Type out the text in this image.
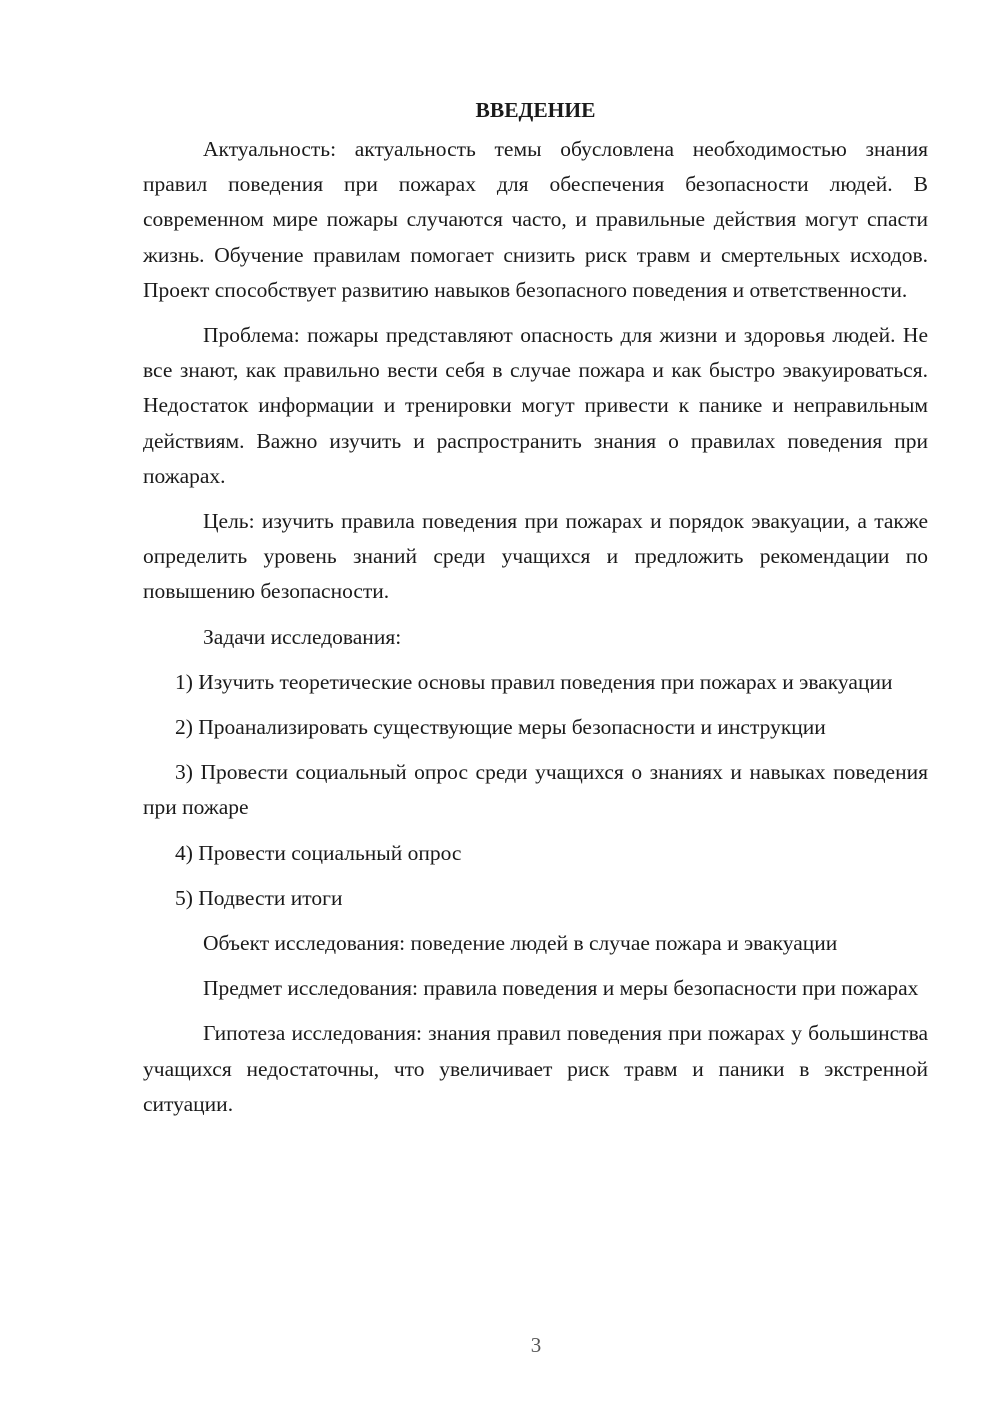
ВВЕДЕНИЕ

Актуальность: актуальность темы обусловлена необходимостью знания правил поведения при пожарах для обеспечения безопасности людей. В современном мире пожары случаются часто, и правильные действия могут спасти жизнь. Обучение правилам помогает снизить риск травм и смертельных исходов. Проект способствует развитию навыков безопасного поведения и ответственности.

Проблема: пожары представляют опасность для жизни и здоровья людей. Не все знают, как правильно вести себя в случае пожара и как быстро эвакуироваться. Недостаток информации и тренировки могут привести к панике и неправильным действиям. Важно изучить и распространить знания о правилах поведения при пожарах.

Цель: изучить правила поведения при пожарах и порядок эвакуации, а также определить уровень знаний среди учащихся и предложить рекомендации по повышению безопасности.

Задачи исследования:

1) Изучить теоретические основы правил поведения при пожарах и эвакуации

2) Проанализировать существующие меры безопасности и инструкции

3) Провести социальный опрос среди учащихся о знаниях и навыках поведения при пожаре

4) Провести социальный опрос

5) Подвести итоги

Объект исследования: поведение людей в случае пожара и эвакуации

Предмет исследования: правила поведения и меры безопасности при пожарах

Гипотеза исследования: знания правил поведения при пожарах у большинства учащихся недостаточны, что увеличивает риск травм и паники в экстренной ситуации.

3
